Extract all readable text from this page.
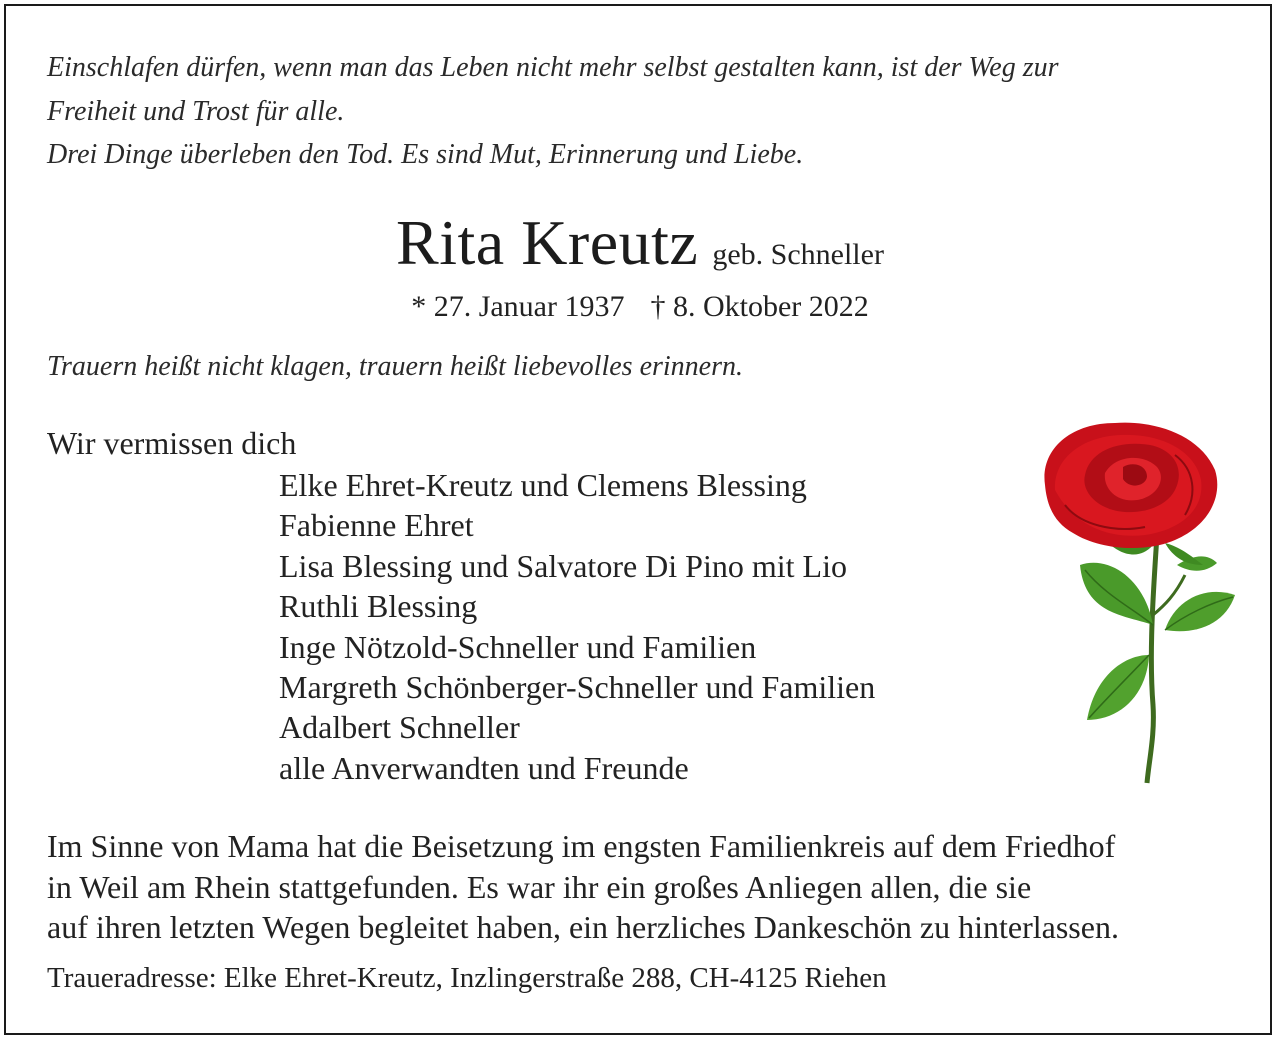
Einschlafen dürfen, wenn man das Leben nicht mehr selbst gestalten kann, ist der Weg zur
Freiheit und Trost für alle.
Drei Dinge überleben den Tod. Es sind Mut, Erinnerung und Liebe.
Rita Kreutz geb. Schneller
* 27. Januar 1937 † 8. Oktober 2022
Trauern heißt nicht klagen, trauern heißt liebevolles erinnern.
Wir vermissen dich
Elke Ehret-Kreutz und Clemens Blessing
Fabienne Ehret
Lisa Blessing und Salvatore Di Pino mit Lio
Ruthli Blessing
Inge Nötzold-Schneller und Familien
Margreth Schönberger-Schneller und Familien
Adalbert Schneller
alle Anverwandten und Freunde
Im Sinne von Mama hat die Beisetzung im engsten Familienkreis auf dem Friedhof
in Weil am Rhein stattgefunden. Es war ihr ein großes Anliegen allen, die sie
auf ihren letzten Wegen begleitet haben, ein herzliches Dankeschön zu hinterlassen.
Traueradresse: Elke Ehret-Kreutz, Inzlingerstraße 288, CH-4125 Riehen
